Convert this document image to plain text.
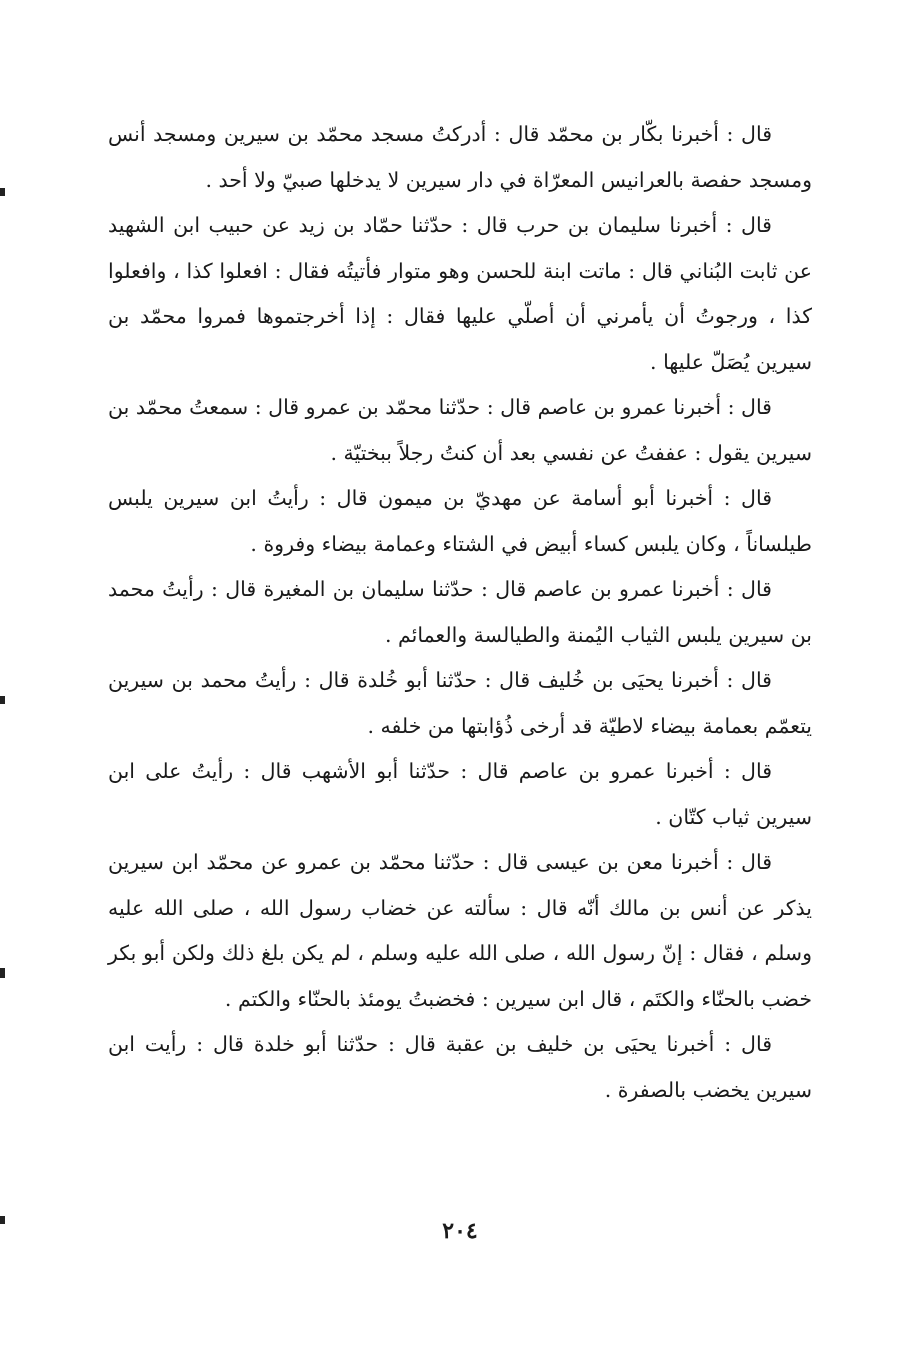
قال : أخبرنا بكّار بن محمّد قال : أدركتُ مسجد محمّد بن سيرين ومسجد أنس ومسجد حفصة بالعرانيس المعرّاة في دار سيرين لا يدخلها صبيّ ولا أحد .

قال : أخبرنا سليمان بن حرب قال : حدّثنا حمّاد بن زيد عن حبيب ابن الشهيد عن ثابت البُناني قال : ماتت ابنة للحسن وهو متوار فأتيتُه فقال : افعلوا كذا ، وافعلوا كذا ، ورجوتُ أن يأمرني أن أصلّي عليها فقال : إذا أخرجتموها فمروا محمّد بن سيرين يُصَلّ عليها .

قال : أخبرنا عمرو بن عاصم قال : حدّثنا محمّد بن عمرو قال : سمعتُ محمّد بن سيرين يقول : عففتُ عن نفسي بعد أن كنتُ رجلاً ببختيّة .

قال : أخبرنا أبو أسامة عن مهديّ بن ميمون قال : رأيتُ ابن سيرين يلبس طيلساناً ، وكان يلبس كساء أبيض في الشتاء وعمامة بيضاء وفروة .

قال : أخبرنا عمرو بن عاصم قال : حدّثنا سليمان بن المغيرة قال : رأيتُ محمد بن سيرين يلبس الثياب اليُمنة والطيالسة والعمائم .

قال : أخبرنا يحيَى بن خُليف قال : حدّثنا أبو خُلدة قال : رأيتُ محمد بن سيرين يتعمّم بعمامة بيضاء لاطيّة قد أرخى ذُؤابتها من خلفه .

قال : أخبرنا عمرو بن عاصم قال : حدّثنا أبو الأشهب قال : رأيتُ على ابن سيرين ثياب كتّان .

قال : أخبرنا معن بن عيسى قال : حدّثنا محمّد بن عمرو عن محمّد ابن سيرين يذكر عن أنس بن مالك أنّه قال : سألته عن خضاب رسول الله ، صلى الله عليه وسلم ، فقال : إنّ رسول الله ، صلى الله عليه وسلم ، لم يكن بلغ ذلك ولكن أبو بكر خضب بالحنّاء والكتَم ، قال ابن سيرين : فخضبتُ يومئذ بالحنّاء والكتم .

قال : أخبرنا يحيَى بن خليف بن عقبة قال : حدّثنا أبو خلدة قال : رأيت ابن سيرين يخضب بالصفرة .

٢٠٤
